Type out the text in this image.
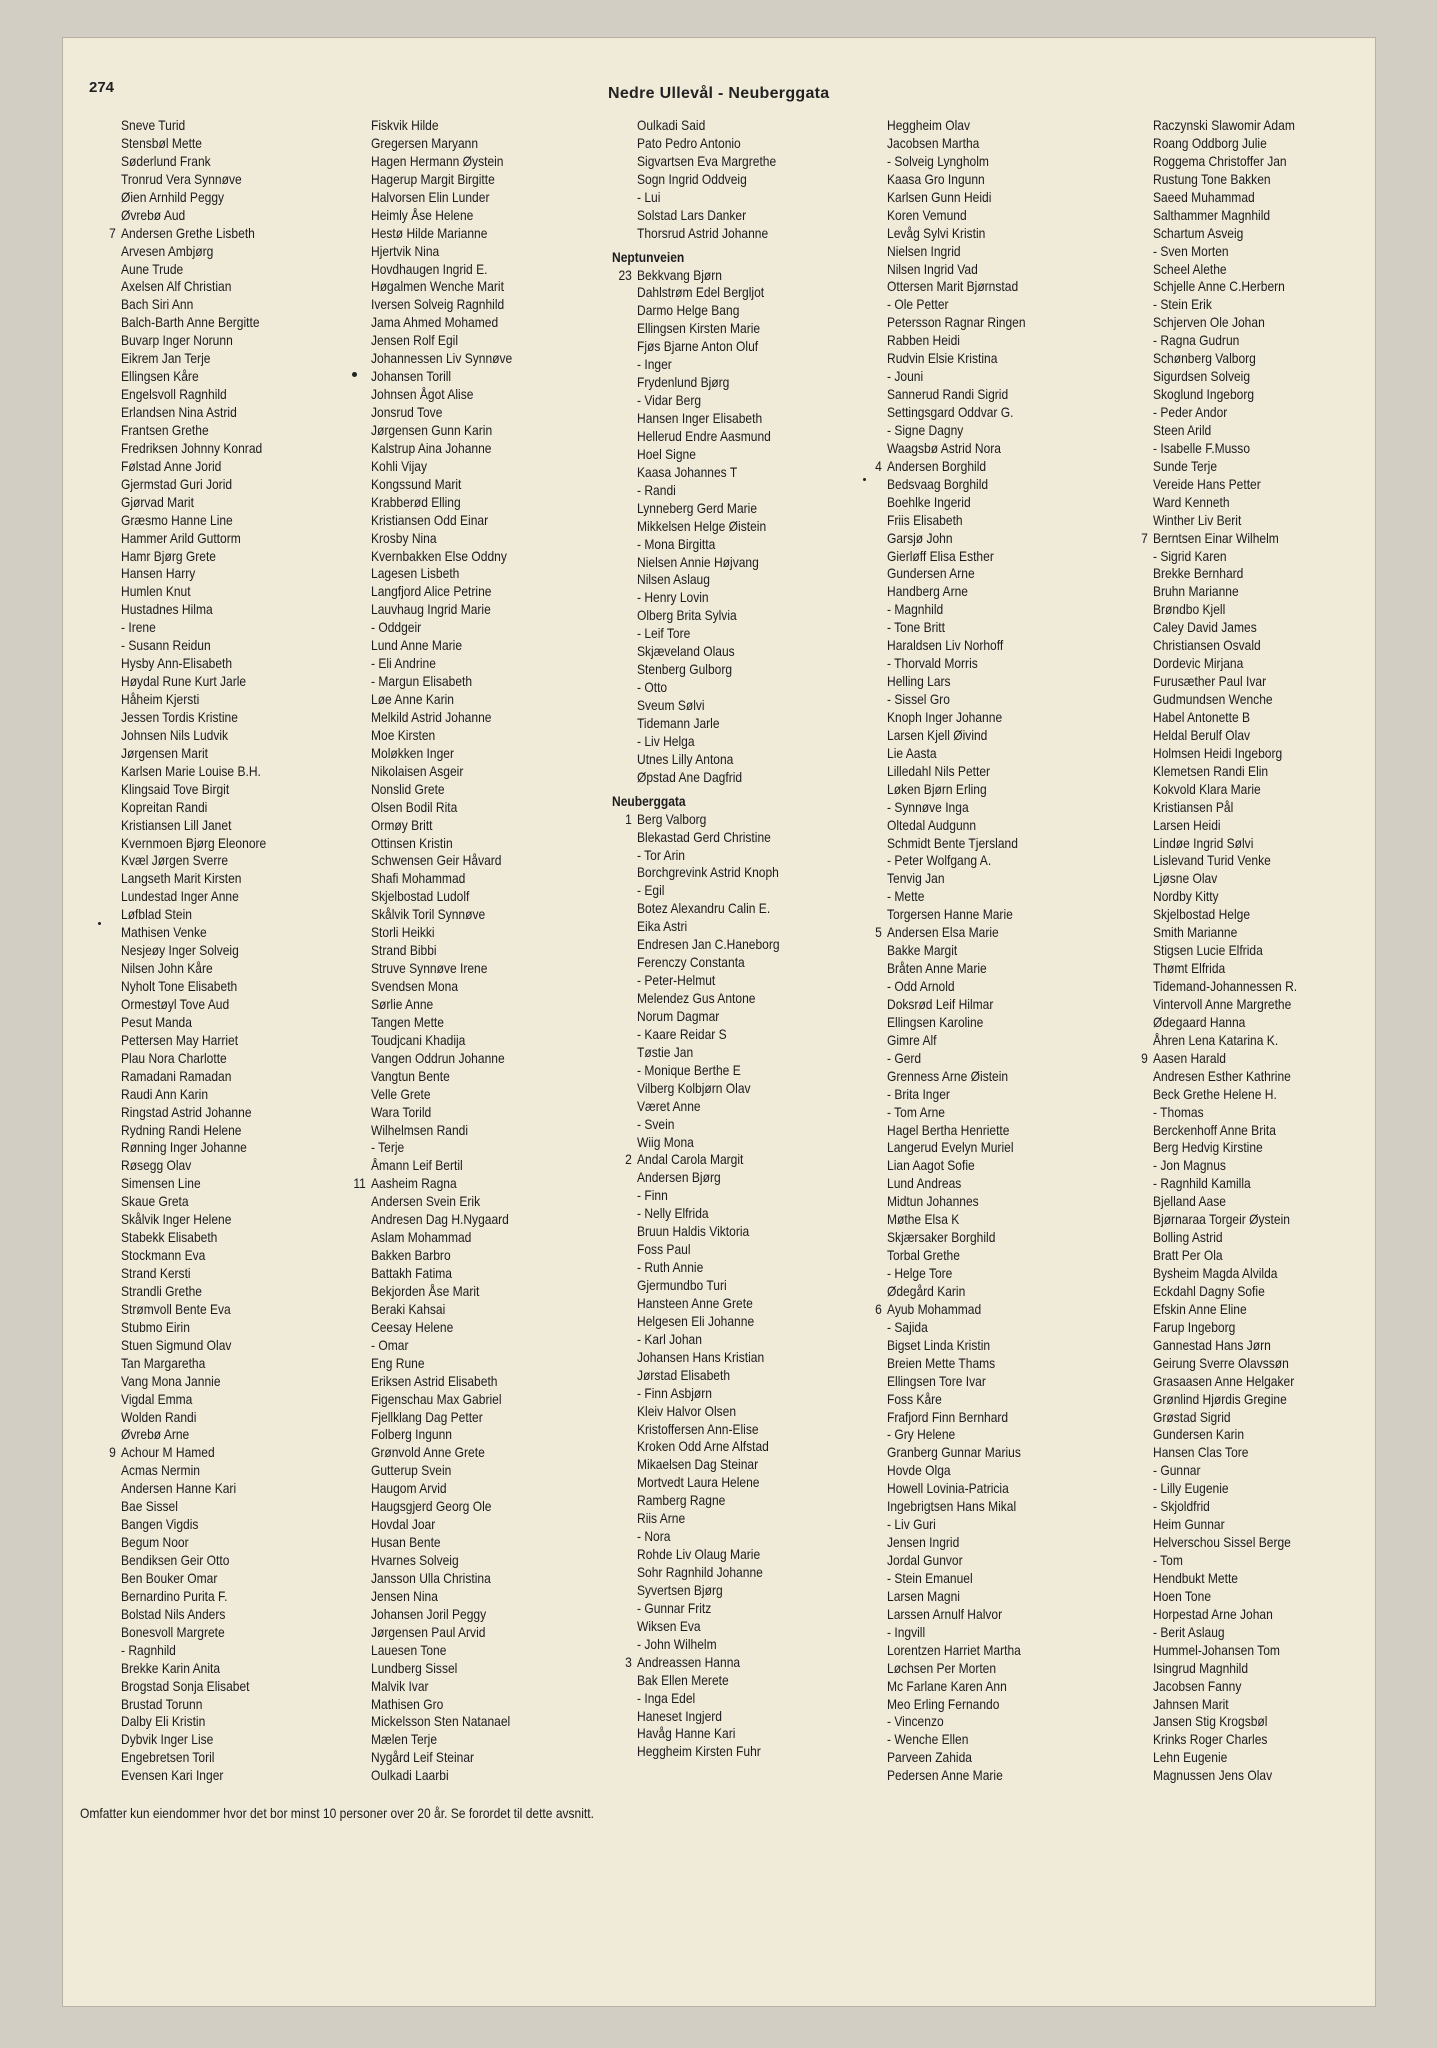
274	Nedre Ullevål - Neuberggata
Sneve Turid
Stensbøl Mette
Søderlund Frank
Tronrud Vera Synnøve
Øien Arnhild Peggy
Øvrebø Aud
7 Andersen Grethe Lisbeth
Arvesen Ambjørg
Aune Trude
Axelsen Alf Christian
Bach Siri Ann
Balch-Barth Anne Bergitte
Buvarp Inger Norunn
Eikrem Jan Terje
Ellingsen Kåre
Engelsvoll Ragnhild
Erlandsen Nina Astrid
Frantsen Grethe
Fredriksen Johnny Konrad
Følstad Anne Jorid
Gjermstad Guri Jorid
Gjørvad Marit
Græsmo Hanne Line
Hammer Arild Guttorm
Hamr Bjørg Grete
Hansen Harry
Humlen Knut
Hustadnes Hilma
- Irene
- Susann Reidun
Hysby Ann-Elisabeth
Høydal Rune Kurt Jarle
Håheim Kjersti
Jessen Tordis Kristine
Johnsen Nils Ludvik
Jørgensen Marit
Karlsen Marie Louise B.H.
Klingsaid Tove Birgit
Kopreitan Randi
Kristiansen Lill Janet
Kvernmoen Bjørg Eleonore
Kvæl Jørgen Sverre
Langseth Marit Kirsten
Lundestad Inger Anne
Løfblad Stein
Mathisen Venke
Nesjeøy Inger Solveig
Nilsen John Kåre
Nyholt Tone Elisabeth
Ormestøyl Tove Aud
Pesut Manda
Pettersen May Harriet
Plau Nora Charlotte
Ramadani Ramadan
Raudi Ann Karin
Ringstad Astrid Johanne
Rydning Randi Helene
Rønning Inger Johanne
Røsegg Olav
Simensen Line
Skaue Greta
Skålvik Inger Helene
Stabekk Elisabeth
Stockmann Eva
Strand Kersti
Strandli Grethe
Strømvoll Bente Eva
Stubmo Eirin
Stuen Sigmund Olav
Tan Margaretha
Vang Mona Jannie
Vigdal Emma
Wolden Randi
Øvrebø Arne
9 Achour M Hamed
Acmas Nermin
Andersen Hanne Kari
Bae Sissel
Bangen Vigdis
Begum Noor
Bendiksen Geir Otto
Ben Bouker Omar
Bernardino Purita F.
Bolstad Nils Anders
Bonesvoll Margrete
- Ragnhild
Brekke Karin Anita
Brogstad Sonja Elisabet
Brustad Torunn
Dalby Eli Kristin
Dybvik Inger Lise
Engebretsen Toril
Evensen Kari Inger
Fiskvik Hilde
Gregersen Maryann
Hagen Hermann Øystein
Hagerup Margit Birgitte
Halvorsen Elin Lunder
Heimly Åse Helene
Hestø Hilde Marianne
Hjertvik Nina
Hovdhaugen Ingrid E.
Høgalmen Wenche Marit
Iversen Solveig Ragnhild
Jama Ahmed Mohamed
Jensen Rolf Egil
Johannessen Liv Synnøve
Johansen Torill
Johnsen Ågot Alise
Jonsrud Tove
Jørgensen Gunn Karin
Kalstrup Aina Johanne
Kohli Vijay
Kongssund Marit
Krabberød Elling
Kristiansen Odd Einar
Krosby Nina
Kvernbakken Else Oddny
Lagesen Lisbeth
Langfjord Alice Petrine
Lauvhaug Ingrid Marie
- Oddgeir
Lund Anne Marie
- Eli Andrine
- Margun Elisabeth
Løe Anne Karin
Melkild Astrid Johanne
Moe Kirsten
Moløkken Inger
Nikolaisen Asgeir
Nonslid Grete
Olsen Bodil Rita
Ormøy Britt
Ottinsen Kristin
Schwensen Geir Håvard
Shafi Mohammad
Skjelbostad Ludolf
Skålvik Toril Synnøve
Storli Heikki
Strand Bibbi
Struve Synnøve Irene
Svendsen Mona
Sørlie Anne
Tangen Mette
Toudjcani Khadija
Vangen Oddrun Johanne
Vangtun Bente
Velle Grete
Wara Torild
Wilhelmsen Randi
- Terje
Åmann Leif Bertil
11 Aasheim Ragna
Andersen Svein Erik
Andresen Dag H.Nygaard
Aslam Mohammad
Bakken Barbro
Battakh Fatima
Bekjorden Åse Marit
Beraki Kahsai
Ceesay Helene
- Omar
Eng Rune
Eriksen Astrid Elisabeth
Figenschau Max Gabriel
Fjellklang Dag Petter
Folberg Ingunn
Grønvold Anne Grete
Gutterup Svein
Haugom Arvid
Haugsgjerd Georg Ole
Hovdal Joar
Husan Bente
Hvarnes Solveig
Jansson Ulla Christina
Jensen Nina
Johansen Joril Peggy
Jørgensen Paul Arvid
Lauesen Tone
Lundberg Sissel
Malvik Ivar
Mathisen Gro
Mickelsson Sten Natanael
Mælen Terje
Nygård Leif Steinar
Oulkadi Laarbi
Oulkadi Said
Pato Pedro Antonio
Sigvartsen Eva Margrethe
Sogn Ingrid Oddveig
- Lui
Solstad Lars Danker
Thorsrud Astrid Johanne
Neptunveien
23 Bekkvang Bjørn
Dahlstrøm Edel Bergljot
Darmo Helge Bang
Ellingsen Kirsten Marie
Fjøs Bjarne Anton Oluf
- Inger
Frydenlund Bjørg
- Vidar Berg
Hansen Inger Elisabeth
Hellerud Endre Aasmund
Hoel Signe
Kaasa Johannes T
- Randi
Lynneberg Gerd Marie
Mikkelsen Helge Øistein
- Mona Birgitta
Nielsen Annie Højvang
Nilsen Aslaug
- Henry Lovin
Olberg Brita Sylvia
- Leif Tore
Skjæveland Olaus
Stenberg Gulborg
- Otto
Sveum Sølvi
Tidemann Jarle
- Liv Helga
Utnes Lilly Antona
Øpstad Ane Dagfrid
Neuberggata
1 Berg Valborg
Blekastad Gerd Christine
- Tor Arin
Borchgrevink Astrid Knoph
- Egil
Botez Alexandru Calin E.
Eika Astri
Endresen Jan C.Haneborg
Ferenczy Constanta
- Peter-Helmut
Melendez Gus Antone
Norum Dagmar
- Kaare Reidar S
Tøstie Jan
- Monique Berthe E
Vilberg Kolbjørn Olav
Været Anne
- Svein
Wiig Mona
2 Andal Carola Margit
Andersen Bjørg
- Finn
- Nelly Elfrida
Bruun Haldis Viktoria
Foss Paul
- Ruth Annie
Gjermundbo Turi
Hansteen Anne Grete
Helgesen Eli Johanne
- Karl Johan
Johansen Hans Kristian
Jørstad Elisabeth
- Finn Asbjørn
Kleiv Halvor Olsen
Kristoffersen Ann-Elise
Kroken Odd Arne Alfstad
Mikaelsen Dag Steinar
Mortvedt Laura Helene
Ramberg Ragne
Riis Arne
- Nora
Rohde Liv Olaug Marie
Sohr Ragnhild Johanne
Syvertsen Bjørg
- Gunnar Fritz
Wiksen Eva
- John Wilhelm
3 Andreassen Hanna
Bak Ellen Merete
- Inga Edel
Haneset Ingjerd
Havåg Hanne Kari
Heggheim Kirsten Fuhr
Heggheim Olav
Jacobsen Martha
- Solveig Lyngholm
Kaasa Gro Ingunn
Karlsen Gunn Heidi
Koren Vemund
Levåg Sylvi Kristin
Nielsen Ingrid
Nilsen Ingrid Vad
Ottersen Marit Bjørnstad
- Ole Petter
Petersson Ragnar Ringen
Rabben Heidi
Rudvin Elsie Kristina
- Jouni
Sannerud Randi Sigrid
Settingsgard Oddvar G.
- Signe Dagny
Waagsbø Astrid Nora
4 Andersen Borghild
Bedsvaag Borghild
Boehlke Ingerid
Friis Elisabeth
Garsjø John
Gierløff Elisa Esther
Gundersen Arne
Handberg Arne
- Magnhild
- Tone Britt
Haraldsen Liv Norhoff
- Thorvald Morris
Helling Lars
- Sissel Gro
Knoph Inger Johanne
Larsen Kjell Øivind
Lie Aasta
Lilledahl Nils Petter
Løken Bjørn Erling
- Synnøve Inga
Oltedal Audgunn
Schmidt Bente Tjersland
- Peter Wolfgang A.
Tenvig Jan
- Mette
Torgersen Hanne Marie
5 Andersen Elsa Marie
Bakke Margit
Bråten Anne Marie
- Odd Arnold
Doksrød Leif Hilmar
Ellingsen Karoline
Gimre Alf
- Gerd
Grenness Arne Øistein
- Brita Inger
- Tom Arne
Hagel Bertha Henriette
Langerud Evelyn Muriel
Lian Aagot Sofie
Lund Andreas
Midtun Johannes
Møthe Elsa K
Skjærsaker Borghild
Torbal Grethe
- Helge Tore
Ødegård Karin
6 Ayub Mohammad
- Sajida
Bigset Linda Kristin
Breien Mette Thams
Ellingsen Tore Ivar
Foss Kåre
Frafjord Finn Bernhard
- Gry Helene
Granberg Gunnar Marius
Hovde Olga
Howell Lovinia-Patricia
Ingebrigtsen Hans Mikal
- Liv Guri
Jensen Ingrid
Jordal Gunvor
- Stein Emanuel
Larsen Magni
Larssen Arnulf Halvor
- Ingvill
Lorentzen Harriet Martha
Løchsen Per Morten
Mc Farlane Karen Ann
Meo Erling Fernando
- Vincenzo
- Wenche Ellen
Parveen Zahida
Pedersen Anne Marie
Raczynski Slawomir Adam
Roang Oddborg Julie
Roggema Christoffer Jan
Rustung Tone Bakken
Saeed Muhammad
Salthammer Magnhild
Schartum Asveig
- Sven Morten
Scheel Alethe
Schjelle Anne C.Herbern
- Stein Erik
Schjerven Ole Johan
- Ragna Gudrun
Schønberg Valborg
Sigurdsen Solveig
Skoglund Ingeborg
- Peder Andor
Steen Arild
- Isabelle F.Musso
Sunde Terje
Vereide Hans Petter
Ward Kenneth
Winther Liv Berit
7 Berntsen Einar Wilhelm
- Sigrid Karen
Brekke Bernhard
Bruhn Marianne
Brøndbo Kjell
Caley David James
Christiansen Osvald
Dordevic Mirjana
Furusæther Paul Ivar
Gudmundsen Wenche
Habel Antonette B
Heldal Berulf Olav
Holmsen Heidi Ingeborg
Klemetsen Randi Elin
Kokvold Klara Marie
Kristiansen Pål
Larsen Heidi
Lindøe Ingrid Sølvi
Lislevand Turid Venke
Ljøsne Olav
Nordby Kitty
Skjelbostad Helge
Smith Marianne
Stigsen Lucie Elfrida
Thømt Elfrida
Tidemand-Johannessen R.
Vintervoll Anne Margrethe
Ødegaard Hanna
Åhren Lena Katarina K.
9 Aasen Harald
Andresen Esther Kathrine
Beck Grethe Helene H.
- Thomas
Berckenhoff Anne Brita
Berg Hedvig Kirstine
- Jon Magnus
- Ragnhild Kamilla
Bjelland Aase
Bjørnaraa Torgeir Øystein
Bolling Astrid
Bratt Per Ola
Bysheim Magda Alvilda
Eckdahl Dagny Sofie
Efskin Anne Eline
Farup Ingeborg
Gannestad Hans Jørn
Geirung Sverre Olavssøn
Grasaasen Anne Helgaker
Grønlind Hjørdis Gregine
Grøstad Sigrid
Gundersen Karin
Hansen Clas Tore
- Gunnar
- Lilly Eugenie
- Skjoldfrid
Heim Gunnar
Helverschou Sissel Berge
- Tom
Hendbukt Mette
Hoen Tone
Horpestad Arne Johan
- Berit Aslaug
Hummel-Johansen Tom
Isingrud Magnhild
Jacobsen Fanny
Jahnsen Marit
Jansen Stig Krogsbøl
Krinks Roger Charles
Lehn Eugenie
Magnussen Jens Olav
Omfatter kun eiendommer hvor det bor minst 10 personer over 20 år. Se forordet til dette avsnitt.
